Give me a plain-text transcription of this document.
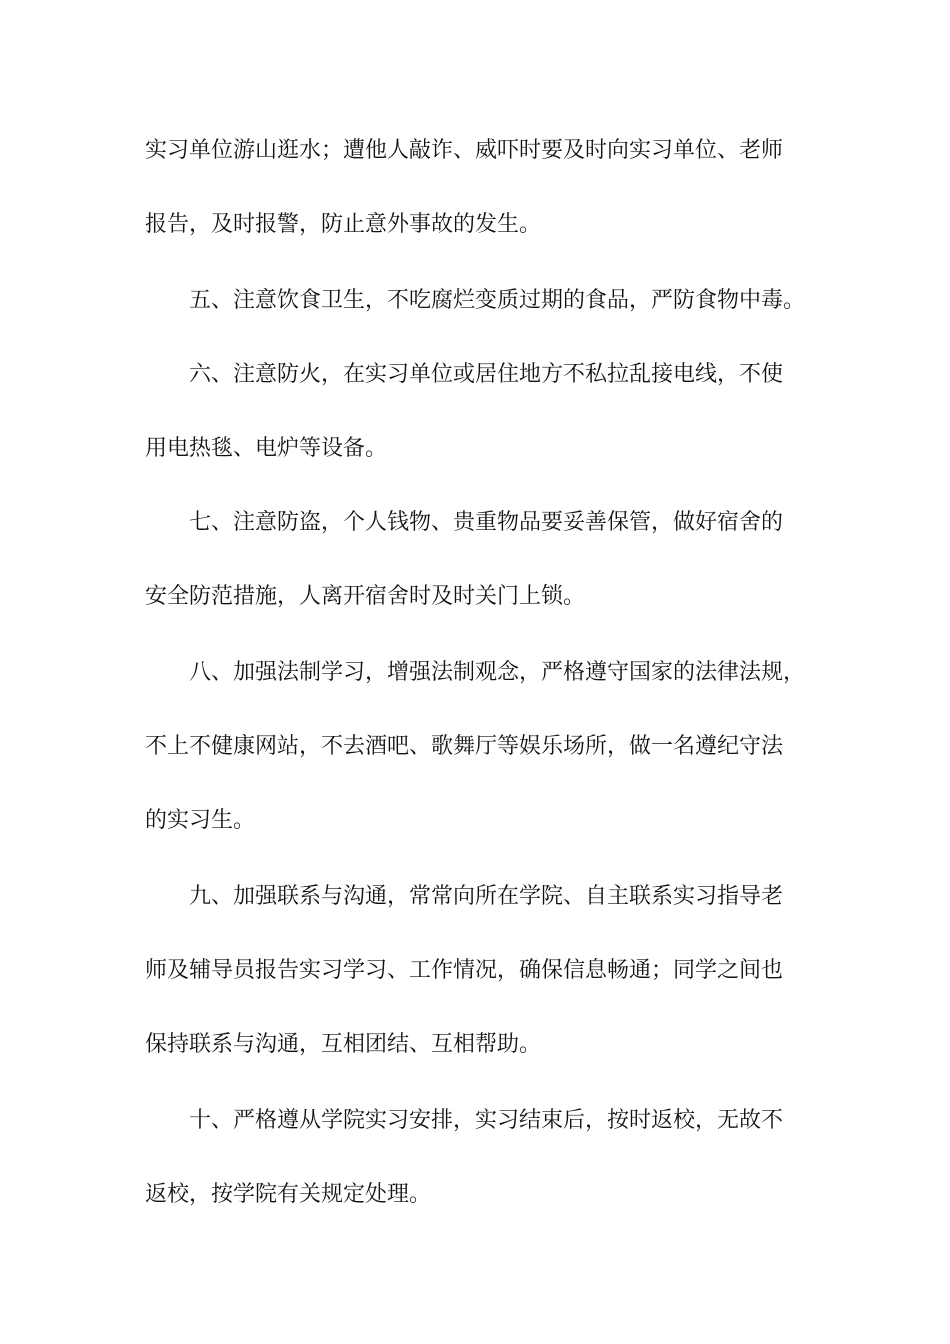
实习单位游山逛水；遭他人敲诈、威吓时要及时向实习单位、老师
报告，及时报警，防止意外事故的发生。
五、注意饮食卫生，不吃腐烂变质过期的食品，严防食物中毒。
六、注意防火，在实习单位或居住地方不私拉乱接电线，不使
用电热毯、电炉等设备。
七、注意防盗，个人钱物、贵重物品要妥善保管，做好宿舍的
安全防范措施，人离开宿舍时及时关门上锁。
八、加强法制学习，增强法制观念，严格遵守国家的法律法规，
不上不健康网站，不去酒吧、歌舞厅等娱乐场所，做一名遵纪守法
的实习生。
九、加强联系与沟通，常常向所在学院、自主联系实习指导老
师及辅导员报告实习学习、工作情况，确保信息畅通；同学之间也
保持联系与沟通，互相团结、互相帮助。
十、严格遵从学院实习安排，实习结束后，按时返校，无故不
返校，按学院有关规定处理。
